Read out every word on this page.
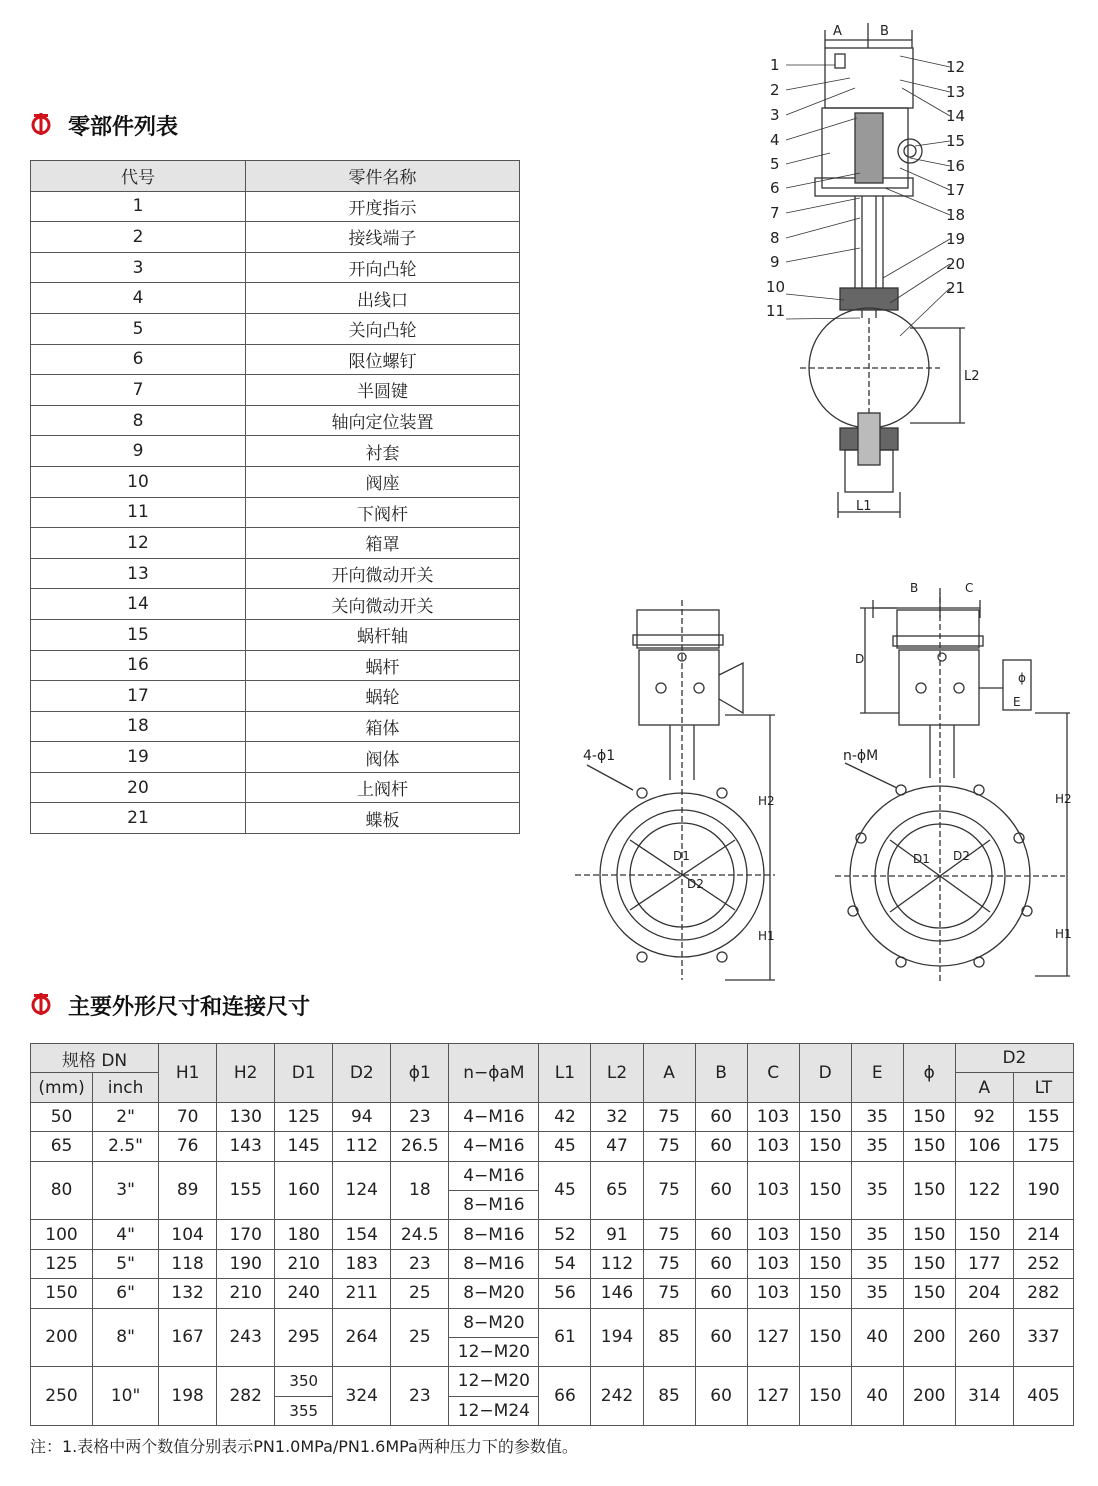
零部件列表
代号	零件名称
1	开度指示
2	接线端子
3	开向凸轮
4	出线口
5	关向凸轮
6	限位螺钉
7	半圆键
8	轴向定位装置
9	衬套
10	阀座
11	下阀杆
12	箱罩
13	开向微动开关
14	关向微动开关
15	蜗杆轴
16	蜗杆
17	蜗轮
18	箱体
19	阀体
20	上阀杆
21	蝶板
1
2
3
4
5
6
7
8
9
10
11
12
13
14
15
16
17
18
19
20
21
A	B
L1
L2
4-ϕ1
D1
D2
H2
H1
B	C
D
E
ϕ
n-ϕM
D1 D2
H2
H1
主要外形尺寸和连接尺寸
规格 DN		H1	H2	D1	D2	ϕ1	n−ϕaM	L1	L2	A	B	C	D	E	ϕ	D2	
(mm)	inch															A	LT
50	2"	70	130	125	94	23	4−M16	42	32	75	60	103	150	35	150	92	155
65	2.5"	76	143	145	112	26.5	4−M16	45	47	75	60	103	150	35	150	106	175
80	3"	89	155	160	124	18	4−M16	45	65	75	60	103	150	35	150	122	190
							8−M16										
100	4"	104	170	180	154	24.5	8−M16	52	91	75	60	103	150	35	150	150	214
125	5"	118	190	210	183	23	8−M16	54	112	75	60	103	150	35	150	177	252
150	6"	132	210	240	211	25	8−M20	56	146	75	60	103	150	35	150	204	282
200	8"	167	243	295	264	25	8−M20	61	194	85	60	127	150	40	200	260	337
							12−M20										
250	10"	198	282	350	324	23	12−M20	66	242	85	60	127	150	40	200	314	405
				355			12−M24										
注：1.表格中两个数值分别表示PN1.0MPa/PN1.6MPa两种压力下的参数值。
